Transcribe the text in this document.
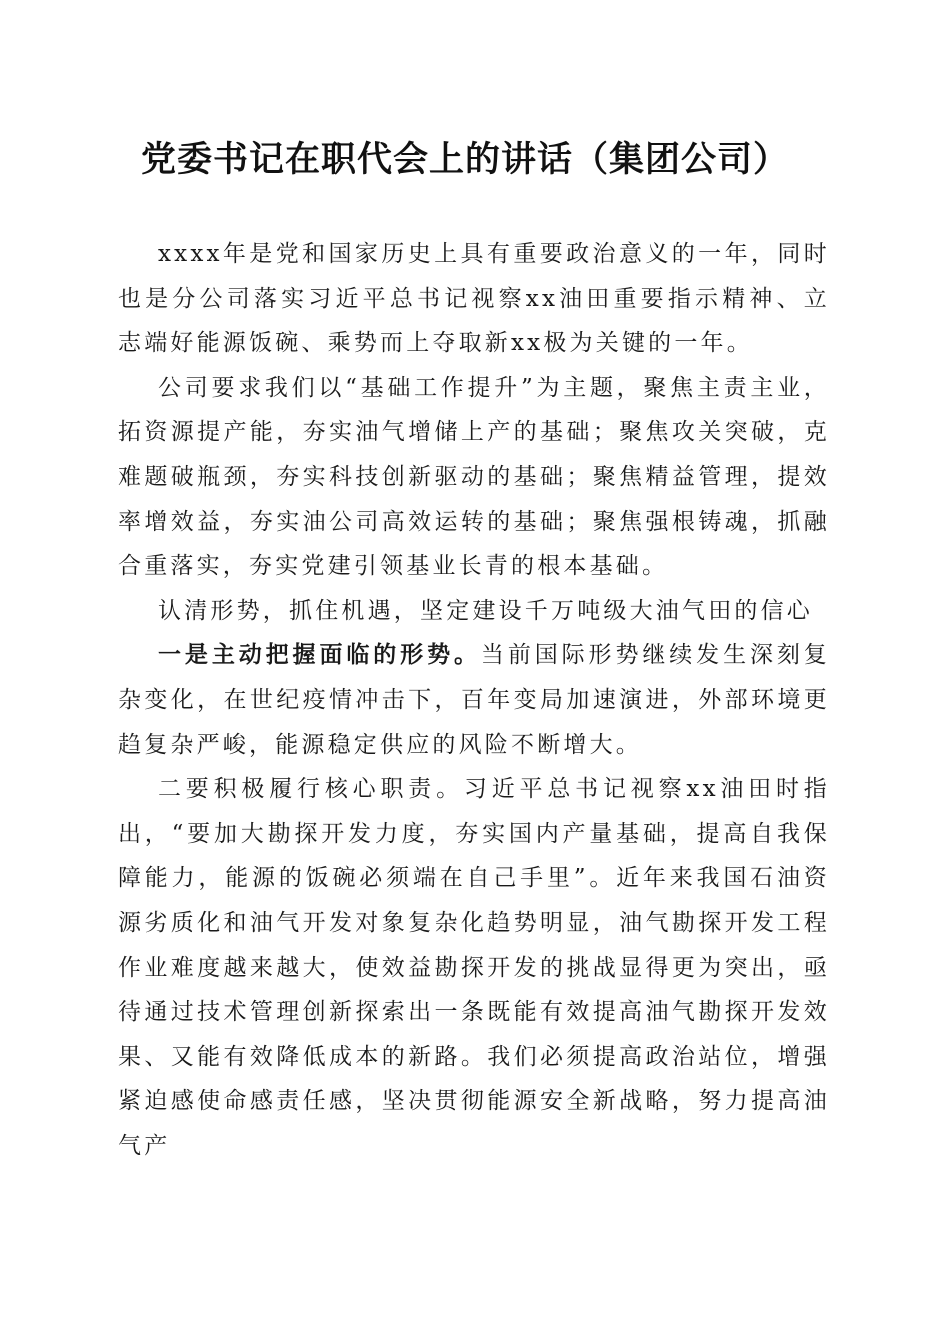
党委书记在职代会上的讲话（集团公司）

xxxx年是党和国家历史上具有重要政治意义的一年，同时也是分公司落实习近平总书记视察xx油田重要指示精神、立志端好能源饭碗、乘势而上夺取新xx极为关键的一年。

公司要求我们以“基础工作提升”为主题，聚焦主责主业，拓资源提产能，夯实油气增储上产的基础；聚焦攻关突破，克难题破瓶颈，夯实科技创新驱动的基础；聚焦精益管理，提效率增效益，夯实油公司高效运转的基础；聚焦强根铸魂，抓融合重落实，夯实党建引领基业长青的根本基础。

认清形势，抓住机遇，坚定建设千万吨级大油气田的信心

一是主动把握面临的形势。当前国际形势继续发生深刻复杂变化，在世纪疫情冲击下，百年变局加速演进，外部环境更趋复杂严峻，能源稳定供应的风险不断增大。

二要积极履行核心职责。习近平总书记视察xx油田时指出，“要加大勘探开发力度，夯实国内产量基础，提高自我保障能力，能源的饭碗必须端在自己手里”。近年来我国石油资源劣质化和油气开发对象复杂化趋势明显，油气勘探开发工程作业难度越来越大，使效益勘探开发的挑战显得更为突出，亟待通过技术管理创新探索出一条既能有效提高油气勘探开发效果、又能有效降低成本的新路。我们必须提高政治站位，增强紧迫感使命感责任感，坚决贯彻能源安全新战略，努力提高油气产
